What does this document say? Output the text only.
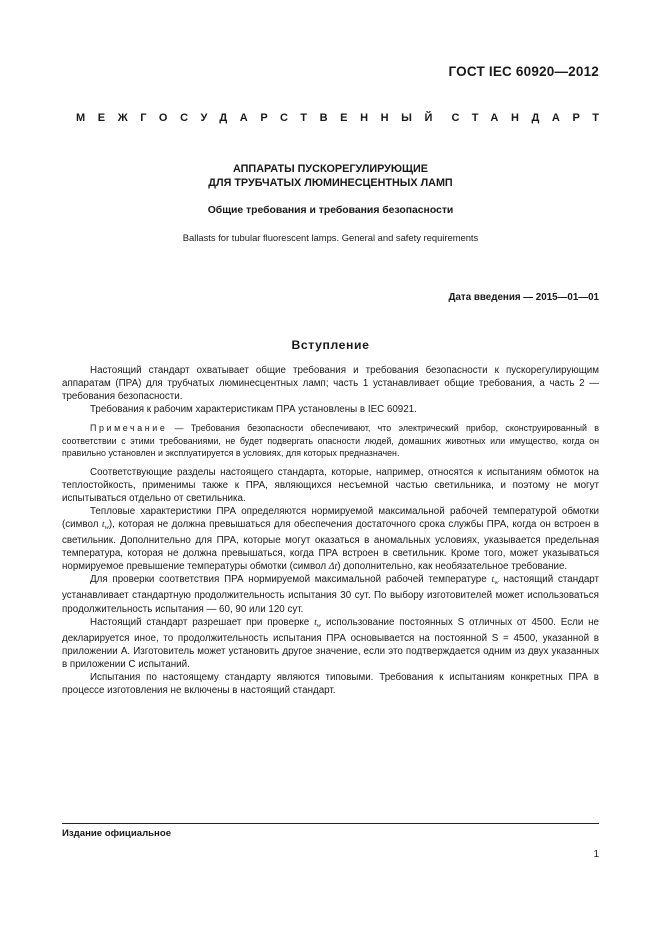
ГОСТ IEC 60920—2012
МЕЖГОСУДАРСТВЕННЫЙ СТАНДАРТ
АППАРАТЫ ПУСКОРЕГУЛИРУЮЩИЕ
ДЛЯ ТРУБЧАТЫХ ЛЮМИНЕСЦЕНТНЫХ ЛАМП
Общие требования и требования безопасности
Ballasts for tubular fluorescent lamps. General and safety requirements
Дата введения — 2015—01—01
Вступление

Настоящий стандарт охватывает общие требования и требования безопасности к пускорегулирующим аппаратам (ПРА) для трубчатых люминесцентных ламп; часть 1 устанавливает общие требования, а часть 2 — требования безопасности.

Требования к рабочим характеристикам ПРА установлены в IEC 60921.

Примечание — Требования безопасности обеспечивают, что электрический прибор, сконструированный в соответствии с этими требованиями, не будет подвергать опасности людей, домашних животных или имущество, когда он правильно установлен и эксплуатируется в условиях, для которых предназначен.

Соответствующие разделы настоящего стандарта, которые, например, относятся к испытаниям обмоток на теплостойкость, применимы также к ПРА, являющихся несъемной частью светильника, и поэтому не могут испытываться отдельно от светильника.

Тепловые характеристики ПРА определяются нормируемой максимальной рабочей температурой обмотки (символ $t_w$), которая не должна превышаться для обеспечения достаточного срока службы ПРА, когда он встроен в светильник. Дополнительно для ПРА, которые могут оказаться в аномальных условиях, указывается предельная температура, которая не должна превышаться, когда ПРА встроен в светильник. Кроме того, может указываться нормируемое превышение температуры обмотки (символ Δt) дополнительно, как необязательное требование.

Для проверки соответствия ПРА нормируемой максимальной рабочей температуре $t_w$ настоящий стандарт устанавливает стандартную продолжительность испытания 30 сут. По выбору изготовителей может использоваться продолжительность испытания — 60, 90 или 120 сут.

Настоящий стандарт разрешает при проверке $t_w$ использование постоянных S отличных от 4500. Если не декларируется иное, то продолжительность испытания ПРА основывается на постоянной S = 4500, указанной в приложении А. Изготовитель может установить другое значение, если это подтверждается одним из двух указанных в приложении С испытаний.

Испытания по настоящему стандарту являются типовыми. Требования к испытаниям конкретных ПРА в процессе изготовления не включены в настоящий стандарт.

Издание официальное
1
